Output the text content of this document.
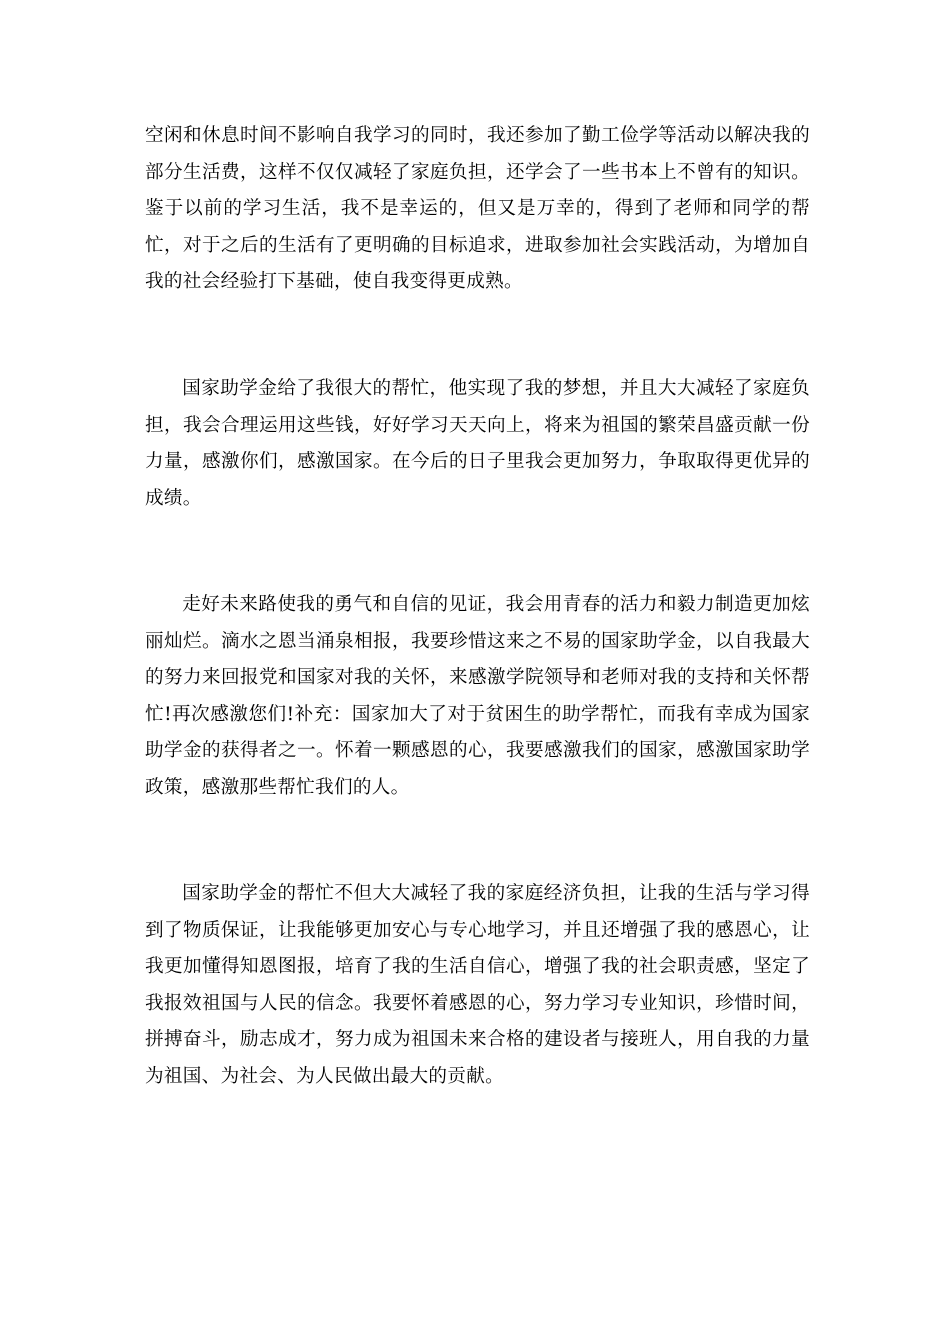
空闲和休息时间不影响自我学习的同时，我还参加了勤工俭学等活动以解决我的部分生活费，这样不仅仅减轻了家庭负担，还学会了一些书本上不曾有的知识。鉴于以前的学习生活，我不是幸运的，但又是万幸的，得到了老师和同学的帮忙，对于之后的生活有了更明确的目标追求，进取参加社会实践活动，为增加自我的社会经验打下基础，使自我变得更成熟。

国家助学金给了我很大的帮忙，他实现了我的梦想，并且大大减轻了家庭负担，我会合理运用这些钱，好好学习天天向上，将来为祖国的繁荣昌盛贡献一份力量，感激你们，感激国家。在今后的日子里我会更加努力，争取取得更优异的成绩。

走好未来路使我的勇气和自信的见证，我会用青春的活力和毅力制造更加炫丽灿烂。滴水之恩当涌泉相报，我要珍惜这来之不易的国家助学金，以自我最大的努力来回报党和国家对我的关怀，来感激学院领导和老师对我的支持和关怀帮忙!再次感激您们!补充：国家加大了对于贫困生的助学帮忙，而我有幸成为国家助学金的获得者之一。怀着一颗感恩的心，我要感激我们的国家，感激国家助学政策，感激那些帮忙我们的人。

国家助学金的帮忙不但大大减轻了我的家庭经济负担，让我的生活与学习得到了物质保证，让我能够更加安心与专心地学习，并且还增强了我的感恩心，让我更加懂得知恩图报，培育了我的生活自信心，增强了我的社会职责感，坚定了我报效祖国与人民的信念。我要怀着感恩的心，努力学习专业知识，珍惜时间，拼搏奋斗，励志成才，努力成为祖国未来合格的建设者与接班人，用自我的力量为祖国、为社会、为人民做出最大的贡献。
